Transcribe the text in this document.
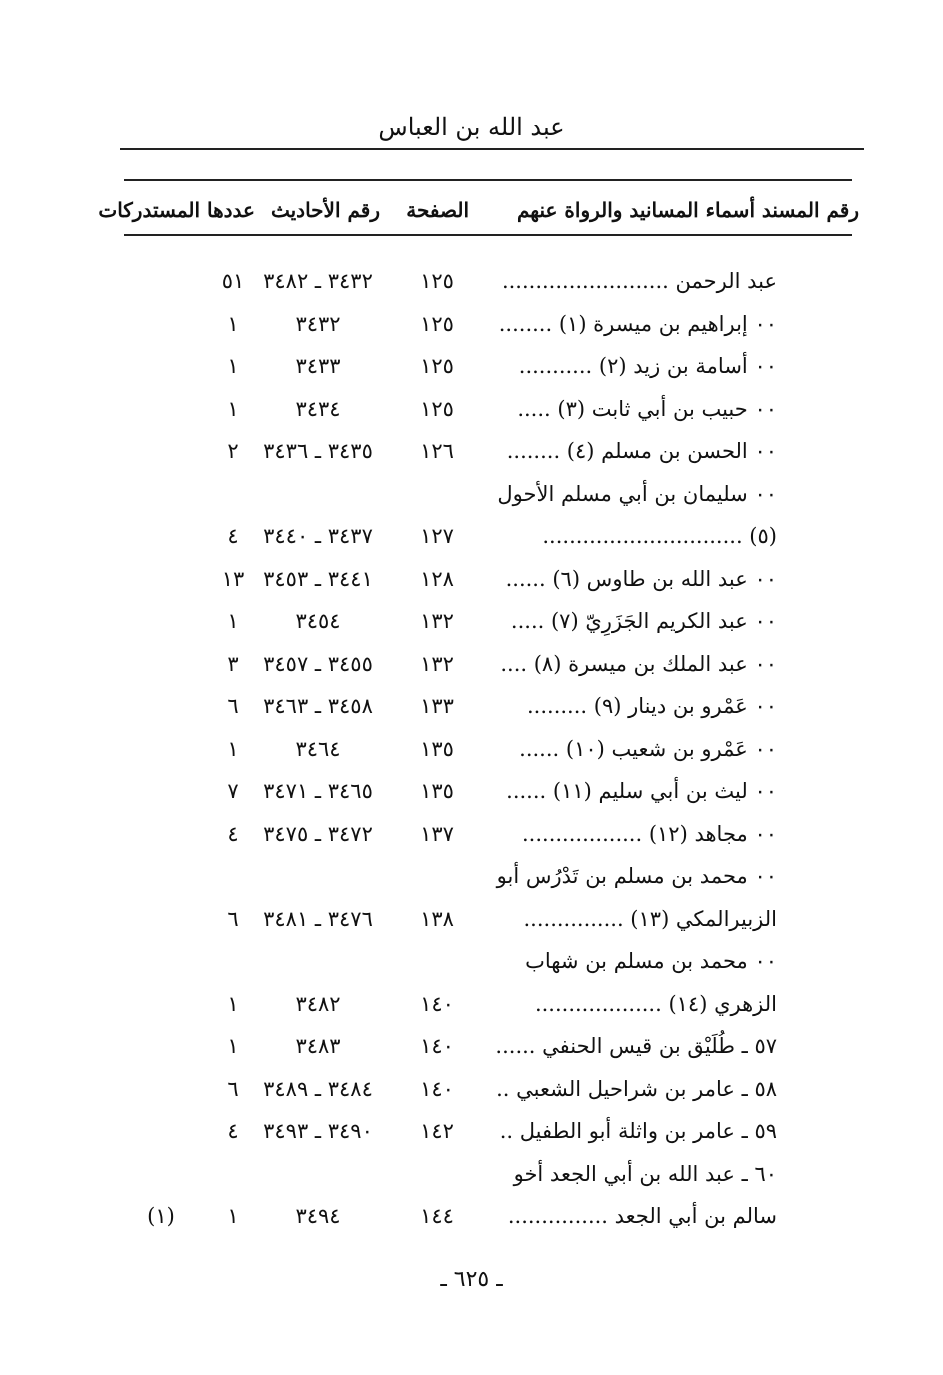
عبد الله بن العباس
رقم المسند
أسماء المسانيد والرواة عنهم
الصفحة
رقم الأحاديث
عددها المستدركات
عبد الرحمن .........................
١٢٥
٣٤٣٢ ـ ٣٤٨٢
٥١
٠٠ إبراهيم بن ميسرة (١) ........
١٢٥
٣٤٣٢
١
٠٠ أسامة بن زيد (٢) ...........
١٢٥
٣٤٣٣
١
٠٠ حبيب بن أبي ثابت (٣) .....
١٢٥
٣٤٣٤
١
٠٠ الحسن بن مسلم (٤) ........
١٢٦
٣٤٣٥ ـ ٣٤٣٦
٢
٠٠ سليمان بن أبي مسلم الأحول
(٥) ..............................
١٢٧
٣٤٣٧ ـ ٣٤٤٠
٤
٠٠ عبد الله بن طاوس (٦) ......
١٢٨
٣٤٤١ ـ ٣٤٥٣
١٣
٠٠ عبد الكريم الجَزَرِيّ (٧) .....
١٣٢
٣٤٥٤
١
٠٠ عبد الملك بن ميسرة (٨) ....
١٣٢
٣٤٥٥ ـ ٣٤٥٧
٣
٠٠ عَمْرو بن دينار (٩) .........
١٣٣
٣٤٥٨ ـ ٣٤٦٣
٦
٠٠ عَمْرو بن شعيب (١٠) ......
١٣٥
٣٤٦٤
١
٠٠ ليث بن أبي سليم (١١) ......
١٣٥
٣٤٦٥ ـ ٣٤٧١
٧
٠٠ مجاهد (١٢) ..................
١٣٧
٣٤٧٢ ـ ٣٤٧٥
٤
٠٠ محمد بن مسلم بن تَدْرُس أبو
الزبيرالمكي (١٣) ...............
١٣٨
٣٤٧٦ ـ ٣٤٨١
٦
٠٠ محمد بن مسلم بن شهاب
الزهري (١٤) ...................
١٤٠
٣٤٨٢
١
٥٧ ـ طُلَيْق بن قيس الحنفي ......
١٤٠
٣٤٨٣
١
٥٨ ـ عامر بن شراحيل الشعبي ..
١٤٠
٣٤٨٤ ـ ٣٤٨٩
٦
٥٩ ـ عامر بن واثلة أبو الطفيل ..
١٤٢
٣٤٩٠ ـ ٣٤٩٣
٤
٦٠ ـ عبد الله بن أبي الجعد أخو
سالم بن أبي الجعد ...............
١٤٤
٣٤٩٤
١
(١)
ـ ٦٢٥ ـ
